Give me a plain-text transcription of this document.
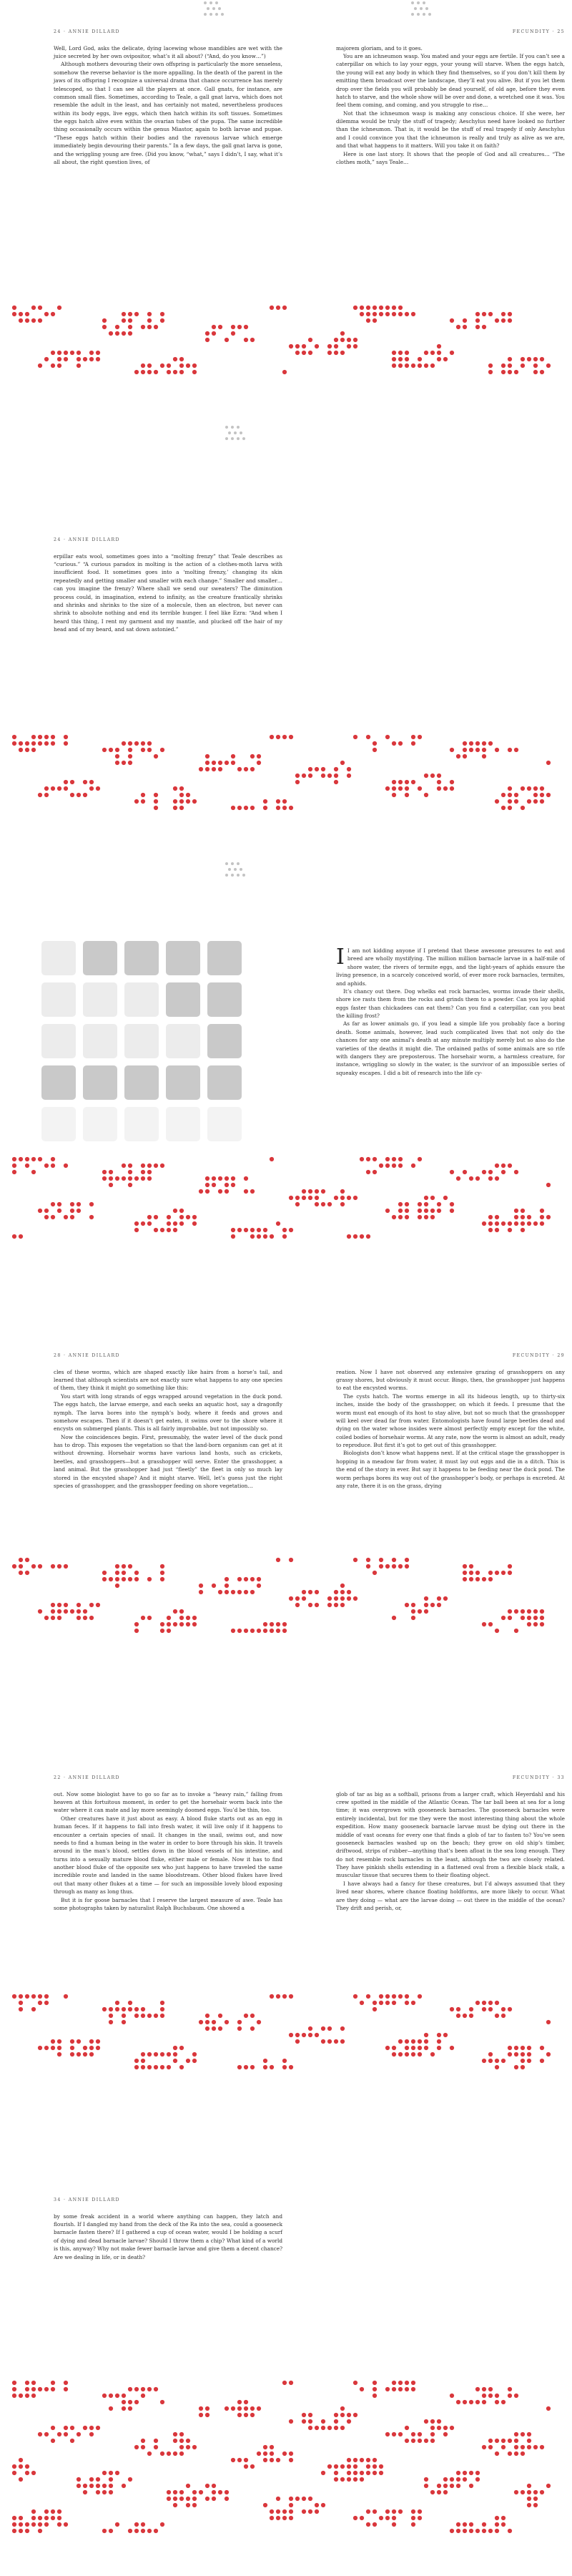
24 · ANNIE DILLARD

Well, Lord God, asks the delicate, dying lacewing whose mandibles are wet with the juice secreted by her own ovipositor, what’s it all about? (“And, do you know…”)

Although mothers devouring their own offspring is particularly the more senseless, somehow the reverse behavior is the more appalling. In the death of the parent in the jaws of its offspring I recognize a universal drama that chance occurrence has merely telescoped, so that I can see all the players at once. Gall gnats, for instance, are common small flies. Sometimes, according to Teale, a gall gnat larva, which does not resemble the adult in the least, and has certainly not mated, nevertheless produces within its body eggs, live eggs, which then hatch within its soft tissues. Sometimes the eggs hatch alive even within the ovarian tubes of the pupa. The same incredible thing occasionally occurs within the genus Miastor, again to both larvae and pupae. “These eggs hatch within their bodies and the ravenous larvae which emerge immediately begin devouring their parents.” In a few days, the gall gnat larva is gone, and the wriggling young are free. (Did you know, “what,” says I didn’t, I say, what it’s all about, the right question lives, of

FECUNDITY · 25

majorem gloriam, and to it goes.

You are an ichneumon wasp. You mated and your eggs are fertile. If you can’t see a caterpillar on which to lay your eggs, your young will starve. When the eggs hatch, the young will eat any body in which they find themselves, so if you don’t kill them by emitting them broadcast over the landscape, they’ll eat you alive. But if you let them drop over the fields you will probably be dead yourself, of old age, before they even hatch to starve, and the whole show will be over and done, a wretched one it was. You feel them coming, and coming, and you struggle to rise…

Not that the ichneumon wasp is making any conscious choice. If she were, her dilemma would be truly the stuff of tragedy; Aeschylus need have looked no further than the ichneumon. That is, it would be the stuff of real tragedy if only Aeschylus and I could convince you that the ichneumon is really and truly as alive as we are, and that what happens to it matters. Will you take it on faith?

Here is one last story. It shows that the people of God and all creatures… “The clothes moth,” says Teale…

24 · ANNIE DILLARD

erpillar eats wool, sometimes goes into a “molting frenzy” that Teale describes as “curious.” “A curious paradox in molting is the action of a clothes-moth larva with insufficient food. It sometimes goes into a ‘molting frenzy,’ changing its skin repeatedly and getting smaller and smaller with each change.” Smaller and smaller… can you imagine the frenzy? Where shall we send our sweaters? The diminution process could, in imagination, extend to infinity, as the creature frantically shrinks and shrinks and shrinks to the size of a molecule, then an electron, but never can shrink to absolute nothing and end its terrible hunger. I feel like Ezra: “And when I heard this thing, I rent my garment and my mantle, and plucked off the hair of my head and of my beard, and sat down astonied.”

I I am not kidding anyone if I pretend that these awesome pressures to eat and breed are wholly mystifying. The million million barnacle larvae in a half-mile of shore water, the rivers of termite eggs, and the light-years of aphids ensure the living presence, in a scarcely conceived world, of ever more rock barnacles, termites, and aphids.

It’s chancy out there. Dog whelks eat rock barnacles, worms invade their shells, shore ice rasts them from the rocks and grinds them to a powder. Can you lay aphid eggs faster than chickadees can eat them? Can you find a caterpillar, can you beat the killing frost?

As far as lower animals go, if you lead a simple life you probably face a boring death. Some animals, however, lead such complicated lives that not only do the chances for any one animal’s death at any minute multiply merely but so also do the varieties of the deaths it might die. The ordained paths of some animals are so rife with dangers they are preposterous. The horsehair worm, a harmless creature, for instance, wriggling so slowly in the water, is the survivor of an impossible series of squeaky escapes. I did a bit of research into the life cy-

28 · ANNIE DILLARD

cles of these worms, which are shaped exactly like hairs from a horse’s tail, and learned that although scientists are not exactly sure what happens to any one species of them, they think it might go something like this:

You start with long strands of eggs wrapped around vegetation in the duck pond. The eggs hatch, the larvae emerge, and each seeks an aquatic host, say a dragonfly nymph. The larva bores into the nymph’s body, where it feeds and grows and somehow escapes. Then if it doesn’t get eaten, it swims over to the shore where it encysts on submerged plants. This is all fairly improbable, but not impossibly so.

Now the coincidences begin. First, presumably, the water level of the duck pond has to drop. This exposes the vegetation so that the land-born organism can get at it without drowning. Horsehair worms have various land hosts, such as crickets, beetles, and grasshoppers—but a grasshopper will serve. Enter the grasshopper, a land animal. But the grasshopper had just “fleetly” the fleet in only so much lay stored in the encysted shape? And it might starve. Well, let’s guess just the right species of grasshopper, and the grasshopper feeding on shore vegetation…

FECUNDITY · 29

reation. Now I have not observed any extensive grazing of grasshoppers on any grassy shores, but obviously it must occur. Bingo, then, the grasshopper just happens to eat the encysted worms.

The cysts hatch. The worms emerge in all its hideous length, up to thirty-six inches, inside the body of the grasshopper, on which it feeds. I presume that the worm must eat enough of its host to stay alive, but not so much that the grasshopper will keel over dead far from water. Entomologists have found large beetles dead and dying on the water whose insides were almost perfectly empty except for the white, coiled bodies of horsehair worms. At any rate, now the worm is almost an adult, ready to reproduce. But first it’s got to get out of this grasshopper.

Biologists don’t know what happens next. If at the critical stage the grasshopper is hopping in a meadow far from water, it must lay out eggs and die in a ditch. This is the end of the story in ever. But say it happens to be feeding near the duck pond. The worm perhaps bores its way out of the grasshopper’s body, or perhaps is excreted. At any rate, there it is on the grass, drying

22 · ANNIE DILLARD

out. Now some biologist have to go so far as to invoke a “heavy rain,” falling from heaven at this fortuitous moment, in order to get the horsehair worm back into the water where it can mate and lay more seemingly doomed eggs. You’d be thin, too.

Other creatures have it just about as easy. A blood fluke starts out as an egg in human feces. If it happens to fall into fresh water, it will live only if it happens to encounter a certain species of snail. It changes in the snail, swims out, and now needs to find a human being in the water in order to bore through his skin. It travels around in the man’s blood, settles down in the blood vessels of his intestine, and turns into a sexually mature blood fluke, either male or female. Now it has to find another blood fluke of the opposite sex who just happens to have traveled the same incredible route and landed in the same bloodstream. Other blood flukes have lived out that many other flukes at a time — for such an impossible lovely blood exposing through as many as long thus.

But it is for goose barnacles that I reserve the largest measure of awe. Teale has some photographs taken by naturalist Ralph Buchsbaum. One showed a

FECUNDITY · 33

glob of tar as big as a softball, prisons from a larger craft, which Heyerdahl and his crew spotted in the middle of the Atlantic Ocean. The tar ball been at sea for a long time; it was overgrown with gooseneck barnacles. The gooseneck barnacles were entirely incidental, but for me they were the most interesting thing about the whole expedition. How many gooseneck barnacle larvae must be dying out there in the middle of vast oceans for every one that finds a glob of tar to fasten to? You’ve seen gooseneck barnacles washed up on the beach; they grow on old ship’s timber, driftwood, strips of rubber—anything that’s been afloat in the sea long enough. They do not resemble rock barnacles in the least, although the two are closely related. They have pinkish shells extending in a flattened oval from a flexible black stalk, a muscular tissue that secures them to their floating object.

I have always had a fancy for these creatures, but I’d always assumed that they lived near shores, where chance floating holdforms, are more likely to occur. What are they doing — what are the larvae doing — out there in the middle of the ocean? They drift and perish, or,

34 · ANNIE DILLARD

by some freak accident in a world where anything can happen, they latch and flourish. If I dangled my hand from the deck of the Ra into the sea, could a gooseneck barnacle fasten there? If I gathered a cup of ocean water, would I be holding a scurf of dying and dead barnacle larvae? Should I throw them a chip? What kind of a world is this, anyway? Why not make fewer barnacle larvae and give them a decent chance? Are we dealing in life, or in death?
